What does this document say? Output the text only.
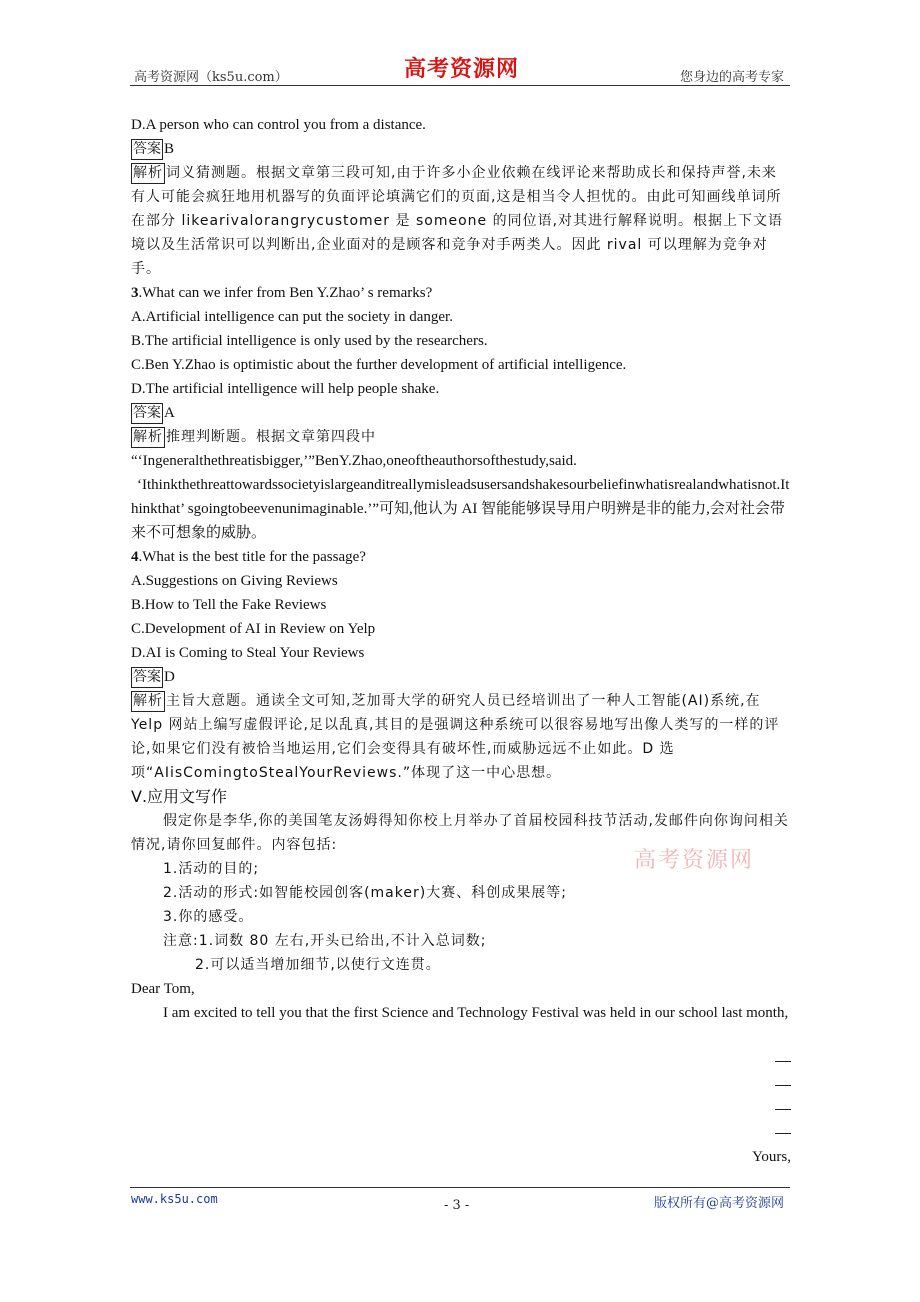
高考资源网（ks5u.com）	高考资源网	您身边的高考专家

D.A person who can control you from a distance.

答案 B

解析 词义猜测题。根据文章第三段可知,由于许多小企业依赖在线评论来帮助成长和保持声誉,未来有人可能会疯狂地用机器写的负面评论填满它们的页面,这是相当令人担忧的。由此可知画线单词所在部分 likearivalorangrycustomer 是 someone 的同位语,对其进行解释说明。根据上下文语境以及生活常识可以判断出,企业面对的是顾客和竞争对手两类人。因此 rival 可以理解为竞争对手。

3.What can we infer from Ben Y.Zhao’ s remarks?

A.Artificial intelligence can put the society in danger.

B.The artificial intelligence is only used by the researchers.

C.Ben Y.Zhao is optimistic about the further development of artificial intelligence.

D.The artificial intelligence will help people shake.

答案 A

解析 推理判断题。根据文章第四段中

“‘Ingeneralthethreatisbigger,’”BenY.Zhao,oneoftheauthorsofthestudy,said.

‘Ithinkthethreattowardssocietyislargeanditreallymisleadsusersandshakesourbeliefinwhatisrealandwhatisnot.Ithinkthat’ sgoingtobeevenunimaginable.’”可知,他认为 AI 智能能够误导用户明辨是非的能力,会对社会带来不可想象的威胁。

4.What is the best title for the passage?

A.Suggestions on Giving Reviews

B.How to Tell the Fake Reviews

C.Development of AI in Review on Yelp

D.AI is Coming to Steal Your Reviews

答案 D

解析 主旨大意题。通读全文可知,芝加哥大学的研究人员已经培训出了一种人工智能(AI)系统,在 Yelp 网站上编写虚假评论,足以乱真,其目的是强调这种系统可以很容易地写出像人类写的一样的评论,如果它们没有被恰当地运用,它们会变得具有破坏性,而威胁远远不止如此。D 选项“AIisComingtoStealYourReviews.”体现了这一中心思想。

Ⅴ.应用文写作

假定你是李华,你的美国笔友汤姆得知你校上月举办了首届校园科技节活动,发邮件向你询问相关情况,请你回复邮件。内容包括:

1.活动的目的;

2.活动的形式:如智能校园创客(maker)大赛、科创成果展等;

3.你的感受。

注意:1.词数 80 左右,开头已给出,不计入总词数;

2.可以适当增加细节,以使行文连贯。

Dear Tom,

I am excited to tell you that the first Science and Technology Festival was held in our school last month,

Yours,

高考资源网
www.ks5u.com	- 3 -	版权所有@高考资源网
